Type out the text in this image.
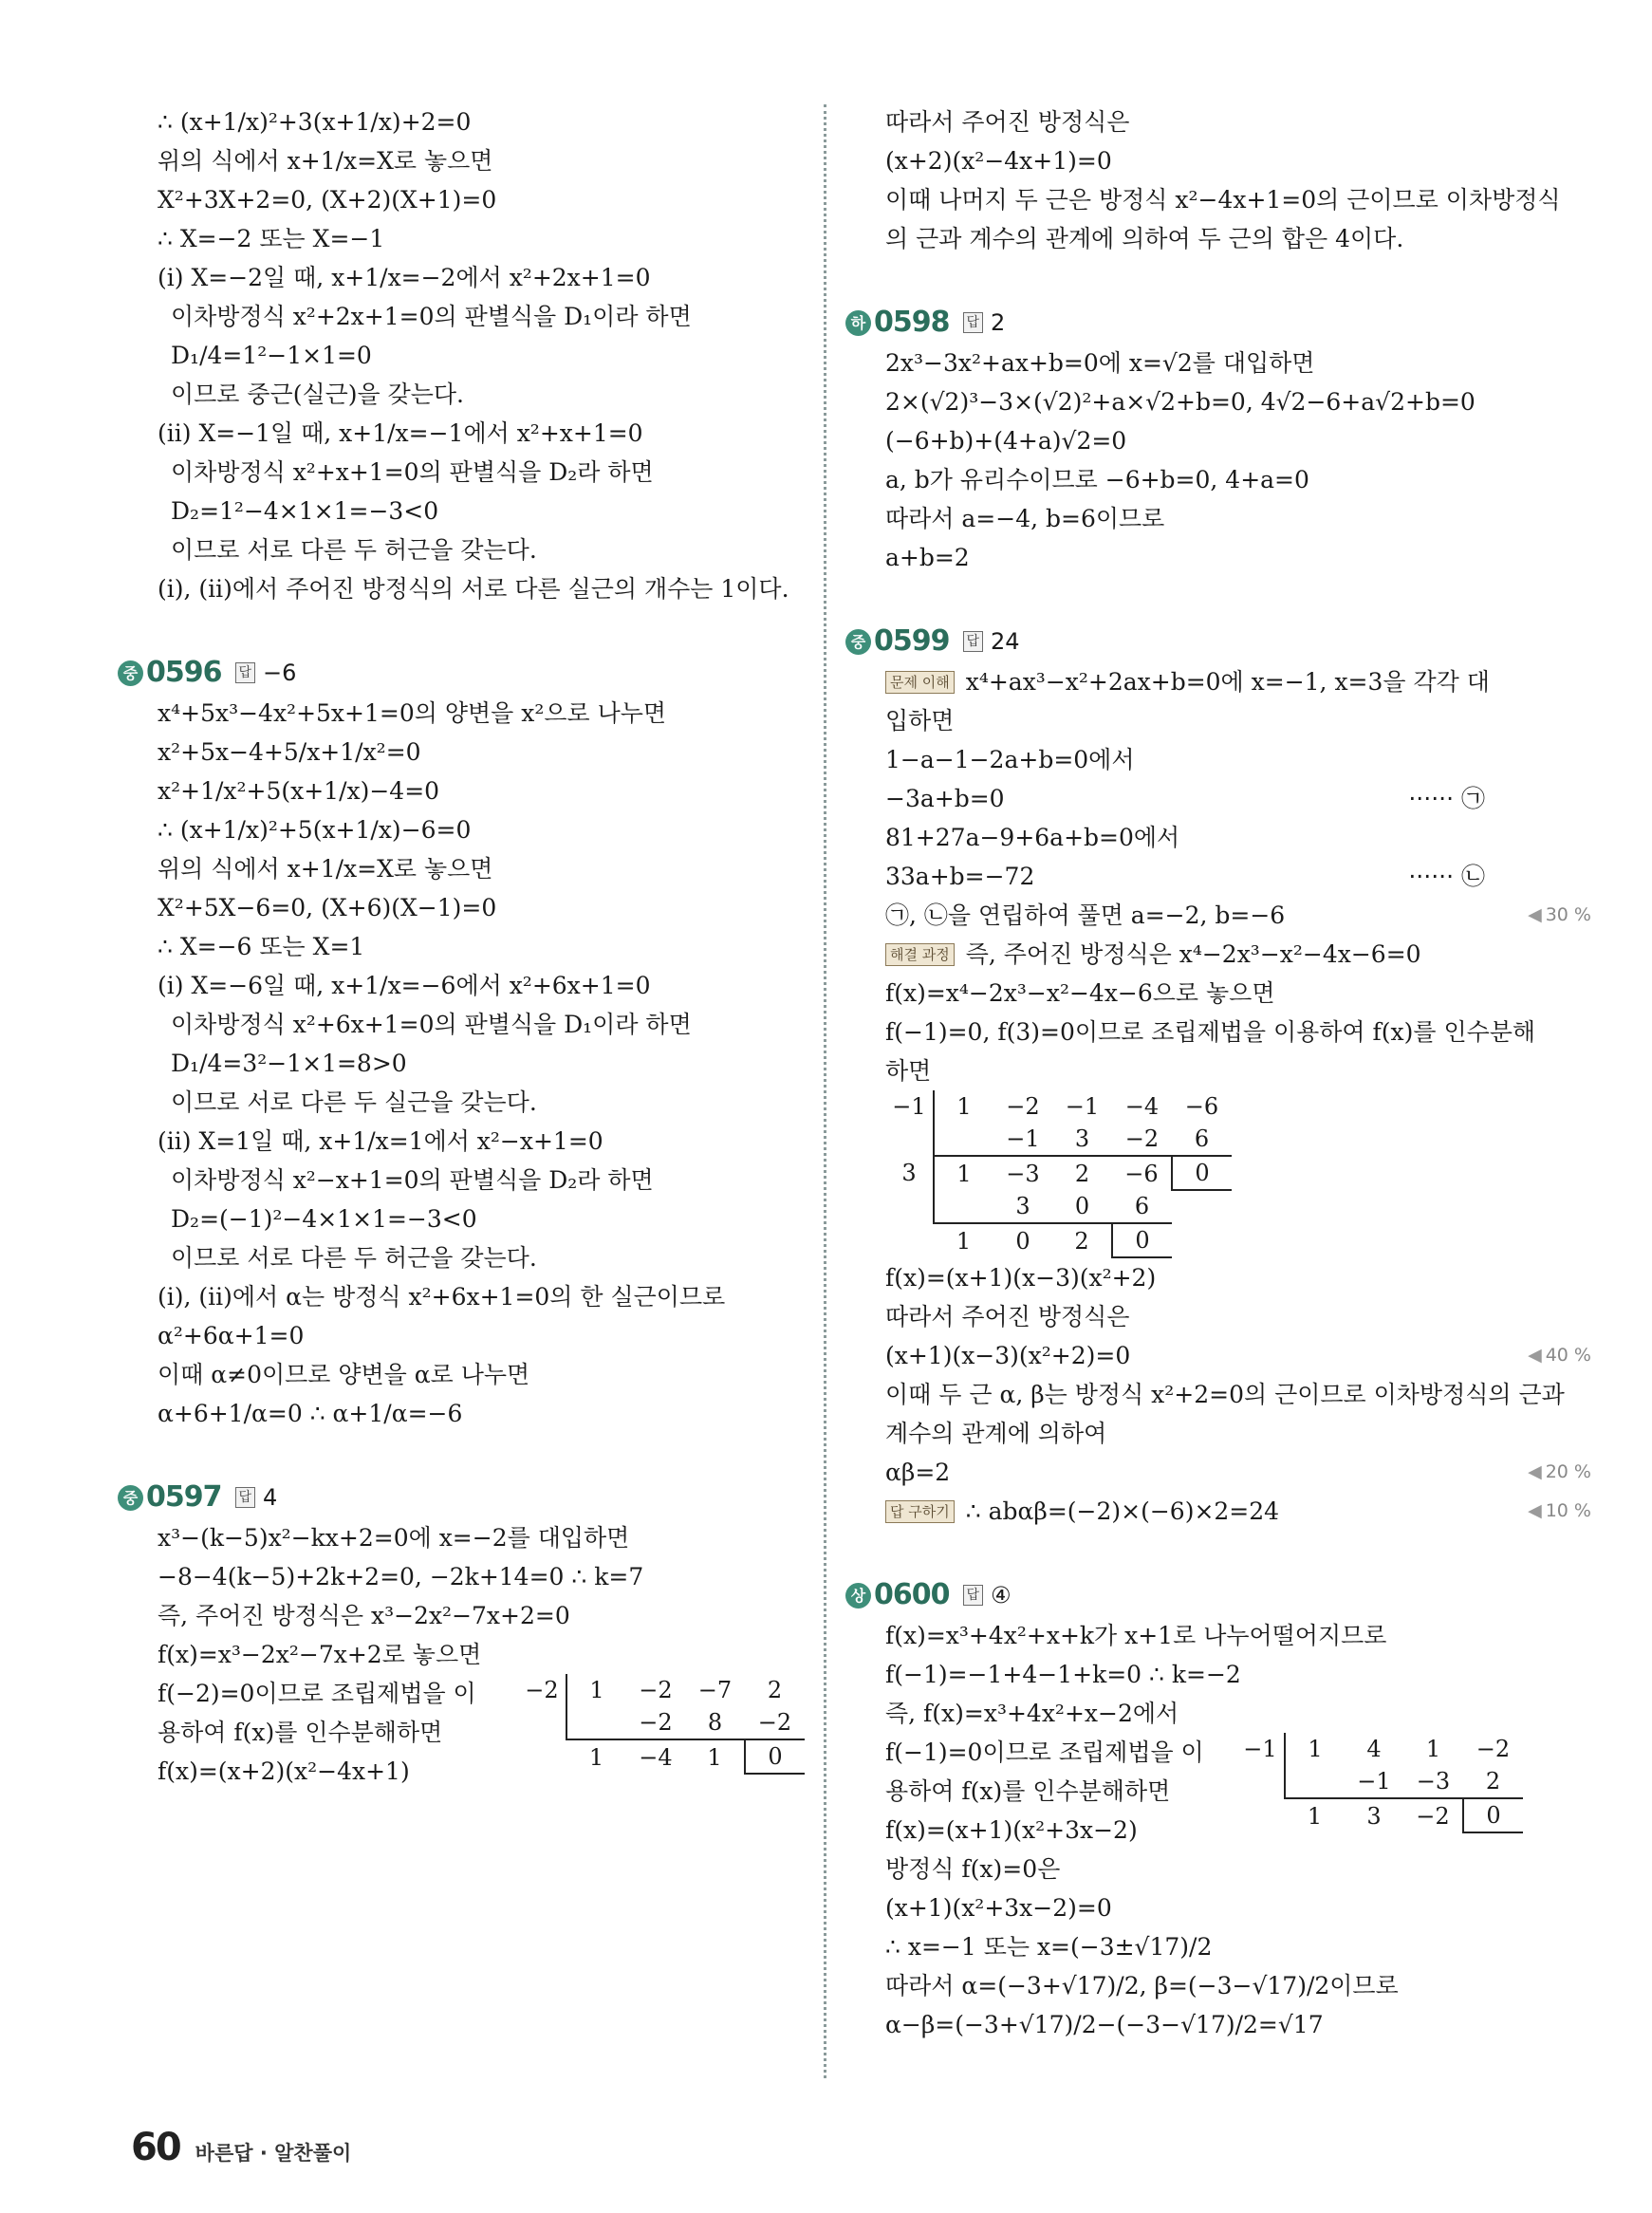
∴ (x+1/x)²+3(x+1/x)+2=0
위의 식에서 x+1/x=X로 놓으면
X²+3X+2=0, (X+2)(X+1)=0
∴ X=−2 또는 X=−1
(ⅰ) X=−2일 때, x+1/x=−2에서 x²+2x+1=0
이차방정식 x²+2x+1=0의 판별식을 D₁이라 하면
D₁/4=1²−1×1=0
이므로 중근(실근)을 갖는다.
(ⅱ) X=−1일 때, x+1/x=−1에서 x²+x+1=0
이차방정식 x²+x+1=0의 판별식을 D₂라 하면
D₂=1²−4×1×1=−3<0
이므로 서로 다른 두 허근을 갖는다.
(ⅰ), (ⅱ)에서 주어진 방정식의 서로 다른 실근의 개수는 1이다.
중 0596 답 −6
x⁴+5x³−4x²+5x+1=0의 양변을 x²으로 나누면
x²+5x−4+5/x+1/x²=0
x²+1/x²+5(x+1/x)−4=0
∴ (x+1/x)²+5(x+1/x)−6=0
위의 식에서 x+1/x=X로 놓으면
X²+5X−6=0, (X+6)(X−1)=0
∴ X=−6 또는 X=1
(ⅰ) X=−6일 때, x+1/x=−6에서 x²+6x+1=0
이차방정식 x²+6x+1=0의 판별식을 D₁이라 하면
D₁/4=3²−1×1=8>0
이므로 서로 다른 두 실근을 갖는다.
(ⅱ) X=1일 때, x+1/x=1에서 x²−x+1=0
이차방정식 x²−x+1=0의 판별식을 D₂라 하면
D₂=(−1)²−4×1×1=−3<0
이므로 서로 다른 두 허근을 갖는다.
(ⅰ), (ⅱ)에서 α는 방정식 x²+6x+1=0의 한 실근이므로
α²+6α+1=0
이때 α≠0이므로 양변을 α로 나누면
α+6+1/α=0 ∴ α+1/α=−6
중 0597 답 4
x³−(k−5)x²−kx+2=0에 x=−2를 대입하면
−8−4(k−5)+2k+2=0, −2k+14=0 ∴ k=7
즉, 주어진 방정식은 x³−2x²−7x+2=0
f(x)=x³−2x²−7x+2로 놓으면
f(−2)=0이므로 조립제법을 이
용하여 f(x)를 인수분해하면
f(x)=(x+2)(x²−4x+1)
−2	1	−2	−7	2
		−2	8	−2
	1	−4	1	0
따라서 주어진 방정식은
(x+2)(x²−4x+1)=0
이때 나머지 두 근은 방정식 x²−4x+1=0의 근이므로 이차방정식
의 근과 계수의 관계에 의하여 두 근의 합은 4이다.
하 0598 답 2
2x³−3x²+ax+b=0에 x=√2를 대입하면
2×(√2)³−3×(√2)²+a×√2+b=0, 4√2−6+a√2+b=0
(−6+b)+(4+a)√2=0
a, b가 유리수이므로 −6+b=0, 4+a=0
따라서 a=−4, b=6이므로
a+b=2
중 0599 답 24
문제 이해 x⁴+ax³−x²+2ax+b=0에 x=−1, x=3을 각각 대
입하면
1−a−1−2a+b=0에서
−3a+b=0	······ ㉠
81+27a−9+6a+b=0에서
33a+b=−72	······ ㉡
㉠, ㉡을 연립하여 풀면 a=−2, b=−6	◀ 30 %
해결 과정 즉, 주어진 방정식은 x⁴−2x³−x²−4x−6=0
f(x)=x⁴−2x³−x²−4x−6으로 놓으면
f(−1)=0, f(3)=0이므로 조립제법을 이용하여 f(x)를 인수분해
하면
−1	1	−2	−1	−4	−6
		−1	3	−2	6
3	1	−3	2	−6	0
		3	0	6	
	1	0	2	0	
f(x)=(x+1)(x−3)(x²+2)
따라서 주어진 방정식은
(x+1)(x−3)(x²+2)=0	◀ 40 %
이때 두 근 α, β는 방정식 x²+2=0의 근이므로 이차방정식의 근과
계수의 관계에 의하여
αβ=2	◀ 20 %
답 구하기 ∴ abαβ=(−2)×(−6)×2=24	◀ 10 %
상 0600 답 ④
f(x)=x³+4x²+x+k가 x+1로 나누어떨어지므로
f(−1)=−1+4−1+k=0 ∴ k=−2
즉, f(x)=x³+4x²+x−2에서
f(−1)=0이므로 조립제법을 이
용하여 f(x)를 인수분해하면
f(x)=(x+1)(x²+3x−2)
−1	1	4	1	−2
		−1	−3	2
	1	3	−2	0
방정식 f(x)=0은
(x+1)(x²+3x−2)=0
∴ x=−1 또는 x=(−3±√17)/2
따라서 α=(−3+√17)/2, β=(−3−√17)/2이므로
α−β=(−3+√17)/2−(−3−√17)/2=√17
60 바른답 · 알찬풀이
